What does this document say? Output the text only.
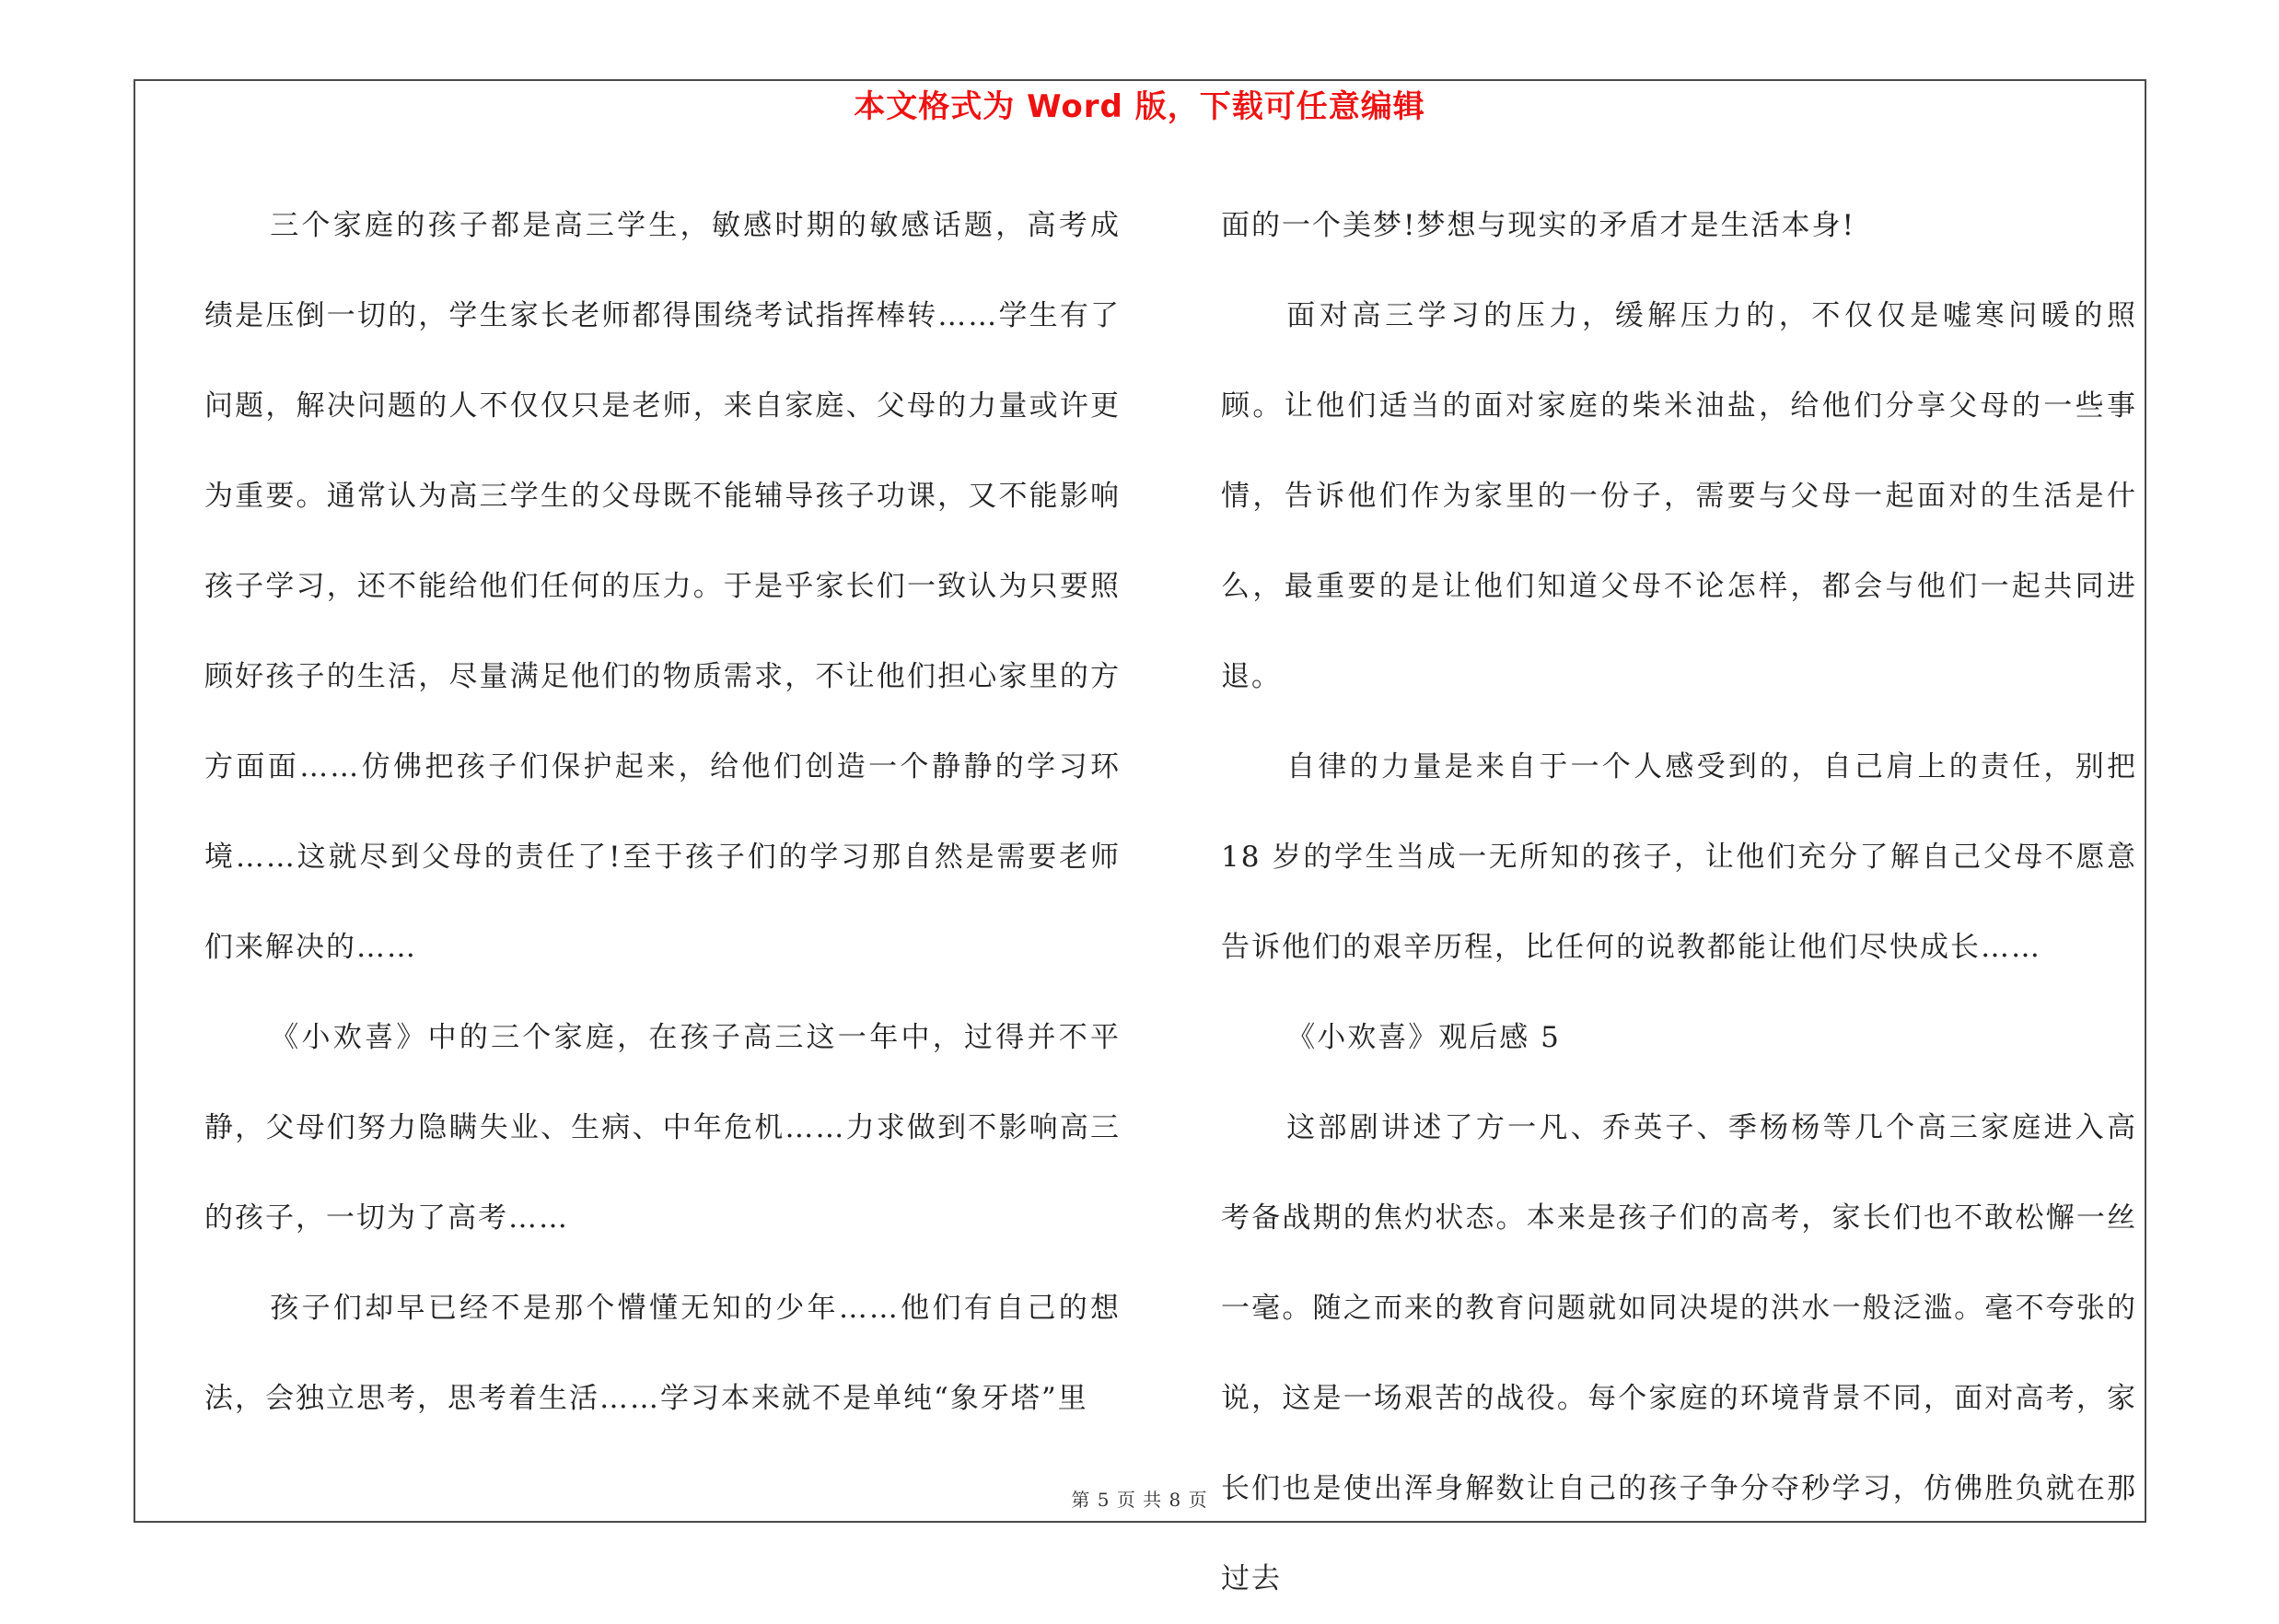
本文格式为 Word 版，下载可任意编辑

三个家庭的孩子都是高三学生，敏感时期的敏感话题，高考成绩是压倒一切的，学生家长老师都得围绕考试指挥棒转……学生有了问题，解决问题的人不仅仅只是老师，来自家庭、父母的力量或许更为重要。通常认为高三学生的父母既不能辅导孩子功课，又不能影响孩子学习，还不能给他们任何的压力。于是乎家长们一致认为只要照顾好孩子的生活，尽量满足他们的物质需求，不让他们担心家里的方方面面……仿佛把孩子们保护起来，给他们创造一个静静的学习环境……这就尽到父母的责任了!至于孩子们的学习那自然是需要老师们来解决的……

《小欢喜》中的三个家庭，在孩子高三这一年中，过得并不平静，父母们努力隐瞒失业、生病、中年危机……力求做到不影响高三的孩子，一切为了高考……

孩子们却早已经不是那个懵懂无知的少年……他们有自己的想法，会独立思考，思考着生活……学习本来就不是单纯“象牙塔”里

面的一个美梦!梦想与现实的矛盾才是生活本身!

面对高三学习的压力，缓解压力的，不仅仅是嘘寒问暖的照顾。让他们适当的面对家庭的柴米油盐，给他们分享父母的一些事情，告诉他们作为家里的一份子，需要与父母一起面对的生活是什么，最重要的是让他们知道父母不论怎样，都会与他们一起共同进退。

自律的力量是来自于一个人感受到的，自己肩上的责任，别把 18 岁的学生当成一无所知的孩子，让他们充分了解自己父母不愿意告诉他们的艰辛历程，比任何的说教都能让他们尽快成长……

《小欢喜》观后感 5

这部剧讲述了方一凡、乔英子、季杨杨等几个高三家庭进入高考备战期的焦灼状态。本来是孩子们的高考，家长们也不敢松懈一丝一毫。随之而来的教育问题就如同决堤的洪水一般泛滥。毫不夸张的说，这是一场艰苦的战役。每个家庭的环境背景不同，面对高考，家长们也是使出浑身解数让自己的孩子争分夺秒学习，仿佛胜负就在那过去

第 5 页 共 8 页
